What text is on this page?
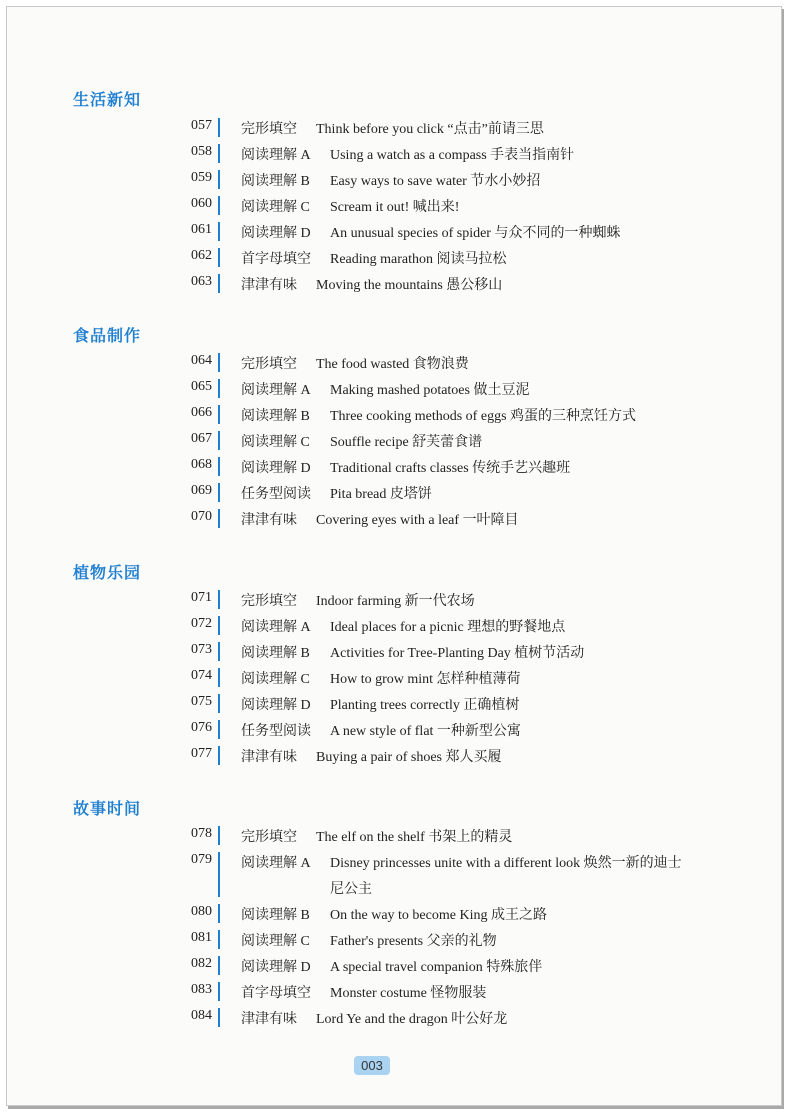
生活新知
057 完形填空 Think before you click “点击”前请三思
058 阅读理解 A Using a watch as a compass 手表当指南针
059 阅读理解 B Easy ways to save water 节水小妙招
060 阅读理解 C Scream it out! 喊出来!
061 阅读理解 D An unusual species of spider 与众不同的一种蜘蛛
062 首字母填空 Reading marathon 阅读马拉松
063 津津有味 Moving the mountains 愚公移山
食品制作
064 完形填空 The food wasted 食物浪费
065 阅读理解 A Making mashed potatoes 做土豆泥
066 阅读理解 B Three cooking methods of eggs 鸡蛋的三种烹饪方式
067 阅读理解 C Souffle recipe 舒芙蕾食谱
068 阅读理解 D Traditional crafts classes 传统手艺兴趣班
069 任务型阅读 Pita bread 皮塔饼
070 津津有味 Covering eyes with a leaf 一叶障目
植物乐园
071 完形填空 Indoor farming 新一代农场
072 阅读理解 A Ideal places for a picnic 理想的野餐地点
073 阅读理解 B Activities for Tree-Planting Day 植树节活动
074 阅读理解 C How to grow mint 怎样种植薄荷
075 阅读理解 D Planting trees correctly 正确植树
076 任务型阅读 A new style of flat 一种新型公寓
077 津津有味 Buying a pair of shoes 郑人买履
故事时间
078 完形填空 The elf on the shelf 书架上的精灵
079 阅读理解 A Disney princesses unite with a different look 焕然一新的迪士
尼公主
080 阅读理解 B On the way to become King 成王之路
081 阅读理解 C Father's presents 父亲的礼物
082 阅读理解 D A special travel companion 特殊旅伴
083 首字母填空 Monster costume 怪物服装
084 津津有味 Lord Ye and the dragon 叶公好龙
003
